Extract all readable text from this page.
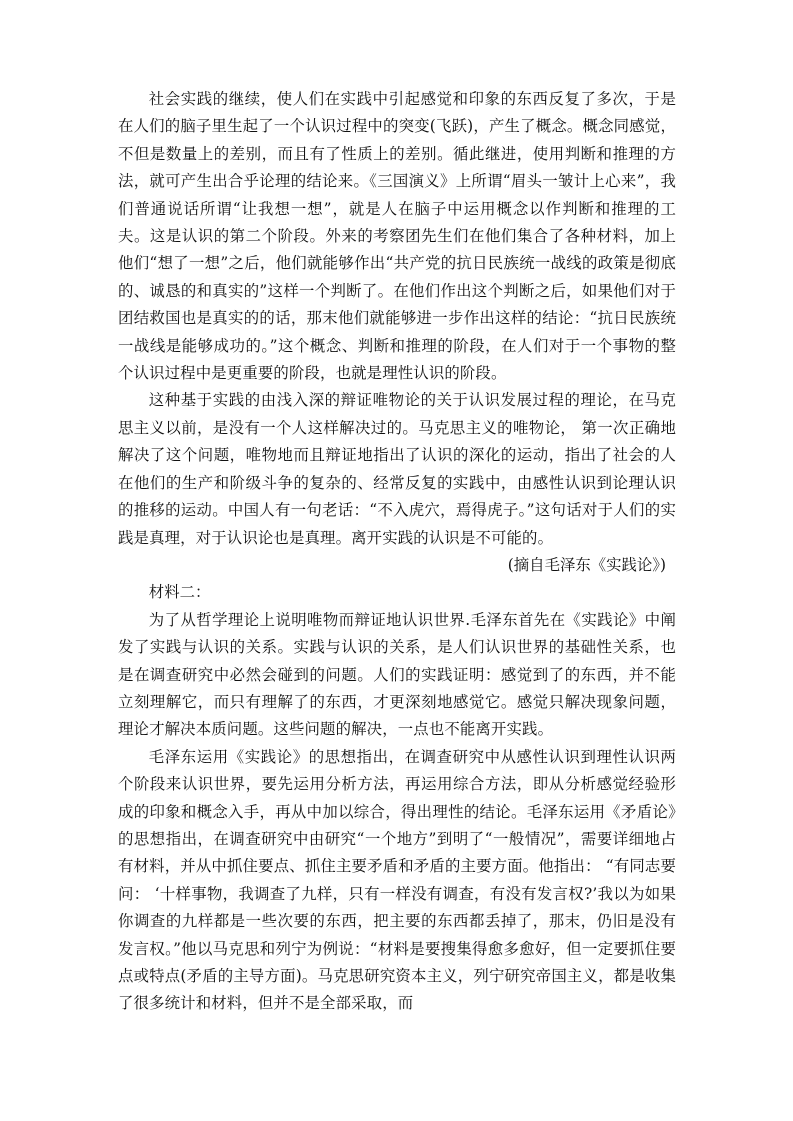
社会实践的继续，使人们在实践中引起感觉和印象的东西反复了多次，于是在人们的脑子里生起了一个认识过程中的突变(飞跃)，产生了概念。概念同感觉，不但是数量上的差别，而且有了性质上的差别。循此继进，使用判断和推理的方法，就可产生出合乎论理的结论来。《三国演义》上所谓“眉头一皱计上心来”，我们普通说话所谓“让我想一想”，就是人在脑子中运用概念以作判断和推理的工夫。这是认识的第二个阶段。外来的考察团先生们在他们集合了各种材料，加上他们“想了一想”之后，他们就能够作出“共产党的抗日民族统一战线的政策是彻底的、诚恳的和真实的”这样一个判断了。在他们作出这个判断之后，如果他们对于团结救国也是真实的的话，那末他们就能够进一步作出这样的结论：“抗日民族统一战线是能够成功的。”这个概念、判断和推理的阶段，在人们对于一个事物的整个认识过程中是更重要的阶段，也就是理性认识的阶段。

这种基于实践的由浅入深的辩证唯物论的关于认识发展过程的理论，在马克思主义以前，是没有一个人这样解决过的。马克思主义的唯物论， 第一次正确地解决了这个问题，唯物地而且辩证地指出了认识的深化的运动，指出了社会的人在他们的生产和阶级斗争的复杂的、经常反复的实践中，由感性认识到论理认识的推移的运动。中国人有一句老话：“不入虎穴，焉得虎子。”这句话对于人们的实践是真理，对于认识论也是真理。离开实践的认识是不可能的。

(摘自毛泽东《实践论》)

材料二：

为了从哲学理论上说明唯物而辩证地认识世界.毛泽东首先在《实践论》中阐发了实践与认识的关系。实践与认识的关系，是人们认识世界的基础性关系，也是在调查研究中必然会碰到的问题。人们的实践证明：感觉到了的东西，并不能立刻理解它，而只有理解了的东西，才更深刻地感觉它。感觉只解决现象问题，理论才解决本质问题。这些问题的解决，一点也不能离开实践。

毛泽东运用《实践论》的思想指出，在调查研究中从感性认识到理性认识两个阶段来认识世界，要先运用分析方法，再运用综合方法，即从分析感觉经验形成的印象和概念入手，再从中加以综合，得出理性的结论。毛泽东运用《矛盾论》的思想指出，在调查研究中由研究“一个地方”到明了“一般情况”，需要详细地占有材料，并从中抓住要点、抓住主要矛盾和矛盾的主要方面。他指出： “有同志要问： ‘十样事物，我调查了九样，只有一样没有调查，有没有发言权?’我以为如果你调查的九样都是一些次要的东西，把主要的东西都丢掉了，那末，仍旧是没有发言权。”他以马克思和列宁为例说：“材料是要搜集得愈多愈好，但一定要抓住要点或特点(矛盾的主导方面)。马克思研究资本主义，列宁研究帝国主义，都是收集了很多统计和材料，但并不是全部采取，而
